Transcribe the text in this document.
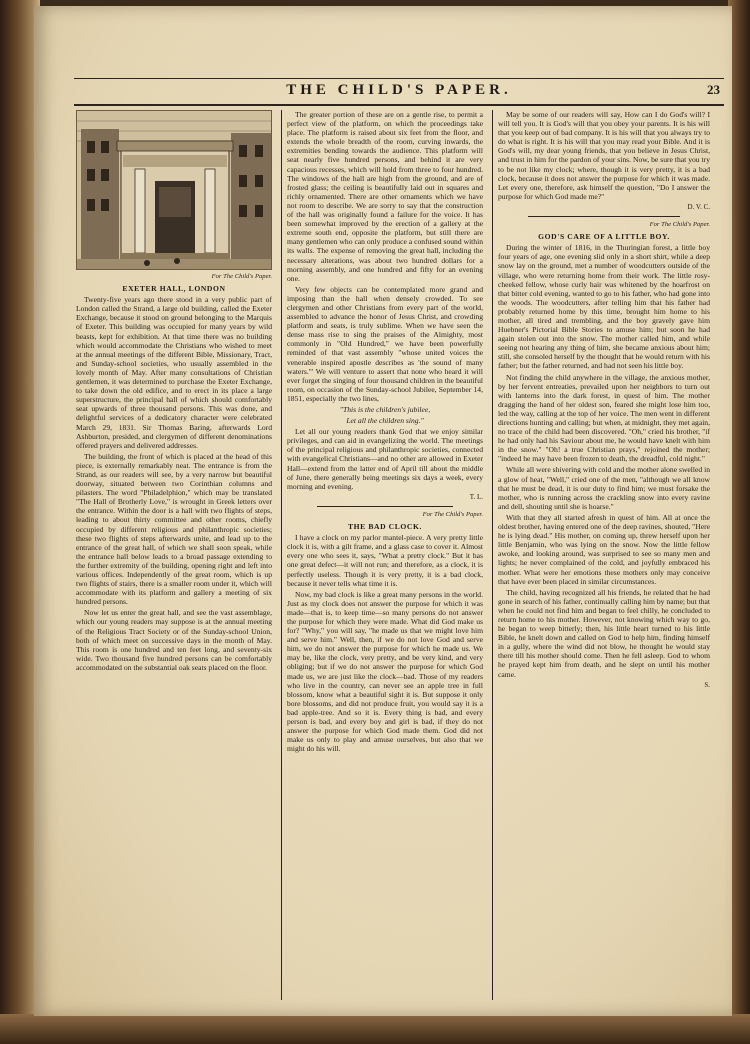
THE CHILD'S PAPER.	23
For The Child's Paper.
EXETER HALL, LONDON

Twenty-five years ago there stood in a very public part of London called the Strand, a large old building, called the Exeter Exchange, because it stood on ground belonging to the Marquis of Exeter. This building was occupied for many years by wild beasts, kept for exhibition. At that time there was no building which would accommodate the Christians who wished to meet at the annual meetings of the different Bible, Missionary, Tract, and Sunday-school societies, who usually assembled in the lovely month of May. After many consultations of Christian gentlemen, it was determined to purchase the Exeter Exchange, to take down the old edifice, and to erect in its place a large superstructure, the principal hall of which should comfortably seat upwards of three thousand persons. This was done, and delightful services of a dedicatory character were celebrated March 29, 1831. Sir Thomas Baring, afterwards Lord Ashburton, presided, and clergymen of different denominations offered prayers and delivered addresses.

The building, the front of which is placed at the head of this piece, is externally remarkably neat. The entrance is from the Strand, as our readers will see, by a very narrow but beautiful doorway, situated between two Corinthian columns and pilasters. The word "Philadelphion," which may be translated "The Hall of Brotherly Love," is wrought in Greek letters over the entrance. Within the door is a hall with two flights of steps, leading to about thirty committee and other rooms, chiefly occupied by different religious and philanthropic societies; these two flights of steps afterwards unite, and lead up to the entrance of the great hall, of which we shall soon speak, while the entrance hall below leads to a broad passage extending to the further extremity of the building, opening right and left into various offices. Independently of the great room, which is up two flights of stairs, there is a smaller room under it, which will accommodate with its platform and gallery a meeting of six hundred persons.

Now let us enter the great hall, and see the vast assemblage, which our young readers may suppose is at the annual meeting of the Religious Tract Society or of the Sunday-school Union, both of which meet on successive days in the month of May. This room is one hundred and ten feet long, and seventy-six wide. Two thousand five hundred persons can be comfortably accommodated on the substantial oak seats placed on the floor.

The greater portion of these are on a gentle rise, to permit a perfect view of the platform, on which the proceedings take place. The platform is raised about six feet from the floor, and extends the whole breadth of the room, curving inwards, the extremities bending towards the audience. This platform will seat nearly five hundred persons, and behind it are very capacious recesses, which will hold from three to four hundred. The windows of the hall are high from the ground, and are of frosted glass; the ceiling is beautifully laid out in squares and richly ornamented. There are other ornaments which we have not room to describe. We are sorry to say that the construction of the hall was originally found a failure for the voice. It has been somewhat improved by the erection of a gallery at the extreme south end, opposite the platform, but still there are many gentlemen who can only produce a confused sound within its walls. The expense of removing the great hall, including the necessary alterations, was about two hundred dollars for a morning assembly, and one hundred and fifty for an evening one.

Very few objects can be contemplated more grand and imposing than the hall when densely crowded. To see clergymen and other Christians from every part of the world, assembled to advance the honor of Jesus Christ, and crowding platform and seats, is truly sublime. When we have seen the dense mass rise to sing the praises of the Almighty, most commonly in "Old Hundred," we have been powerfully reminded of that vast assembly "whose united voices the venerable inspired apostle describes as 'the sound of many waters.'" We will venture to assert that none who heard it will ever forget the singing of four thousand children in the beautiful room, on occasion of the Sunday-school Jubilee, September 14, 1851, especially the two lines,

"This is the children's jubilee,
Let all the children sing."

Let all our young readers thank God that we enjoy similar privileges, and can aid in evangelizing the world. The meetings of the principal religious and philanthropic societies, connected with evangelical Christians—and no other are allowed in Exeter Hall—extend from the latter end of April till about the middle of June, there generally being meetings six days a week, every morning and evening.

T. L.
For The Child's Paper.
THE BAD CLOCK.

I have a clock on my parlor mantel-piece. A very pretty little clock it is, with a gilt frame, and a glass case to cover it. Almost every one who sees it, says, "What a pretty clock." But it has one great defect—it will not run; and therefore, as a clock, it is perfectly useless. Though it is very pretty, it is a bad clock, because it never tells what time it is.

Now, my bad clock is like a great many persons in the world. Just as my clock does not answer the purpose for which it was made—that is, to keep time—so many persons do not answer the purpose for which they were made. What did God make us for? "Why," you will say, "he made us that we might love him and serve him." Well, then, if we do not love God and serve him, we do not answer the purpose for which he made us. We may be, like the clock, very pretty, and be very kind, and very obliging; but if we do not answer the purpose for which God made us, we are just like the clock—bad. Those of my readers who live in the country, can never see an apple tree in full blossom, know what a beautiful sight it is. But suppose it only bore blossoms, and did not produce fruit, you would say it is a bad apple-tree. And so it is. Every thing is bad, and every person is bad, and every boy and girl is bad, if they do not answer the purpose for which God made them. God did not make us only to play and amuse ourselves, but also that we might do his will.

May be some of our readers will say, How can I do God's will? I will tell you. It is God's will that you obey your parents. It is his will that you keep out of bad company. It is his will that you always try to do what is right. It is his will that you may read your Bible. And it is God's will, my dear young friends, that you believe in Jesus Christ, and trust in him for the pardon of your sins. Now, be sure that you try to be not like my clock; where, though it is very pretty, it is a bad clock, because it does not answer the purpose for which it was made. Let every one, therefore, ask himself the question, "Do I answer the purpose for which God made me?"

D. V. C.
For The Child's Paper.
GOD'S CARE OF A LITTLE BOY.

During the winter of 1816, in the Thuringian forest, a little boy four years of age, one evening slid only in a short shirt, while a deep snow lay on the ground, met a number of woodcutters outside of the village, who were returning home from their work. The little rosy-cheeked fellow, whose curly hair was whitened by the hoarfrost on that bitter cold evening, wanted to go to his father, who had gone into the woods. The woodcutters, after telling him that his father had probably returned home by this time, brought him home to his mother, all tired and trembling, and the boy gravely gave him Huebner's Pictorial Bible Stories to amuse him; but soon he had again stolen out into the snow. The mother called him, and while seeing not hearing any thing of him, she became anxious about him; still, she consoled herself by the thought that he would return with his father; but the father returned, and had not seen his little boy.

Not finding the child anywhere in the village, the anxious mother, by her fervent entreaties, prevailed upon her neighbors to turn out with lanterns into the dark forest, in quest of him. The mother dragging the hand of her oldest son, feared she might lose him too, led the way, calling at the top of her voice. The men went in different directions hunting and calling; but when, at midnight, they met again, no trace of the child had been discovered. "Oh," cried his brother, "if he had only had his Saviour about me, he would have knelt with him in the snow." "Oh! a true Christian prays," rejoined the mother; "indeed he may have been frozen to death, the dreadful, cold night."

While all were shivering with cold and the mother alone swelled in a glow of heat, "Well," cried one of the men, "although we all know that he must be dead, it is our duty to find him; we must forsake the mother, who is running across the crackling snow into every ravine and dell, shouting until she is hoarse."

With that they all started afresh in quest of him. All at once the oldest brother, having entered one of the deep ravines, shouted, "Here he is lying dead." His mother, on coming up, threw herself upon her little Benjamin, who was lying on the snow. Now the little fellow awoke, and looking around, was surprised to see so many men and lights; he never complained of the cold, and joyfully embraced his mother. What were her emotions these mothers only may conceive that have ever been placed in similar circumstances.

The child, having recognized all his friends, he related that he had gone in search of his father, continually calling him by name; but that when he could not find him and began to feel chilly, he concluded to return home to his mother. However, not knowing which way to go, he began to weep bitterly; then, his little heart turned to his little Bible, he knelt down and called on God to help him, finding himself in a gully, where the wind did not blow, he thought he would stay there till his mother should come. Then he fell asleep. God to whom he prayed kept him from death, and he slept on until his mother came.

S.
